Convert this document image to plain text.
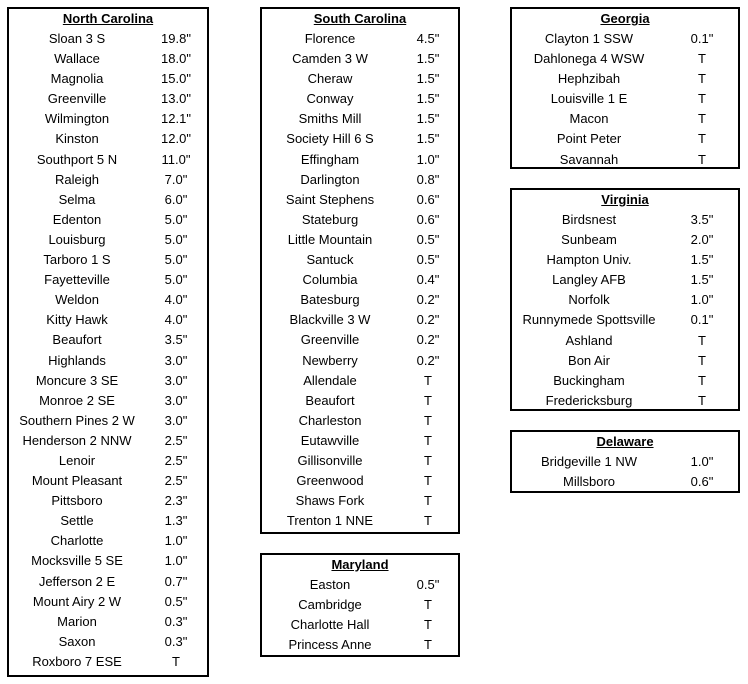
North Carolina
Sloan 3 S	19.8"
Wallace	18.0"
Magnolia	15.0"
Greenville	13.0"
Wilmington	12.1"
Kinston	12.0"
Southport 5 N	11.0"
Raleigh	7.0"
Selma	6.0"
Edenton	5.0"
Louisburg	5.0"
Tarboro 1 S	5.0"
Fayetteville	5.0"
Weldon	4.0"
Kitty Hawk	4.0"
Beaufort	3.5"
Highlands	3.0"
Moncure 3 SE	3.0"
Monroe 2 SE	3.0"
Southern Pines 2 W	3.0"
Henderson 2 NNW	2.5"
Lenoir	2.5"
Mount Pleasant	2.5"
Pittsboro	2.3"
Settle	1.3"
Charlotte	1.0"
Mocksville 5 SE	1.0"
Jefferson 2 E	0.7"
Mount Airy 2 W	0.5"
Marion	0.3"
Saxon	0.3"
Roxboro 7 ESE	T
South Carolina
Florence	4.5"
Camden 3 W	1.5"
Cheraw	1.5"
Conway	1.5"
Smiths Mill	1.5"
Society Hill 6 S	1.5"
Effingham	1.0"
Darlington	0.8"
Saint Stephens	0.6"
Stateburg	0.6"
Little Mountain	0.5"
Santuck	0.5"
Columbia	0.4"
Batesburg	0.2"
Blackville 3 W	0.2"
Greenville	0.2"
Newberry	0.2"
Allendale	T
Beaufort	T
Charleston	T
Eutawville	T
Gillisonville	T
Greenwood	T
Shaws Fork	T
Trenton 1 NNE	T
Maryland
Easton	0.5"
Cambridge	T
Charlotte Hall	T
Princess Anne	T
Georgia
Clayton 1 SSW	0.1"
Dahlonega 4 WSW	T
Hephzibah	T
Louisville 1 E	T
Macon	T
Point Peter	T
Savannah	T
Virginia
Birdsnest	3.5"
Sunbeam	2.0"
Hampton Univ.	1.5"
Langley AFB	1.5"
Norfolk	1.0"
Runnymede Spottsville	0.1"
Ashland	T
Bon Air	T
Buckingham	T
Fredericksburg	T
Delaware
Bridgeville 1 NW	1.0"
Millsboro	0.6"
